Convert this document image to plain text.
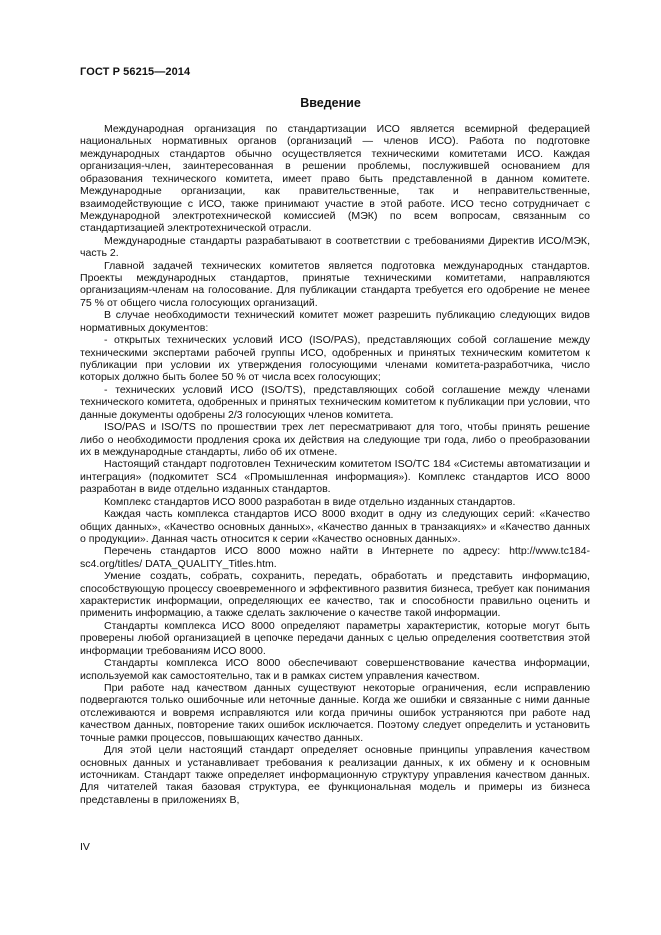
ГОСТ Р 56215—2014
Введение

Международная организация по стандартизации ИСО является всемирной федерацией национальных нормативных органов (организаций — членов ИСО). Работа по подготовке международных стандартов обычно осуществляется техническими комитетами ИСО. Каждая организация-член, заинтересованная в решении проблемы, послужившей основанием для образования технического комитета, имеет право быть представленной в данном комитете. Международные организации, как правительственные, так и неправительственные, взаимодействующие с ИСО, также принимают участие в этой работе. ИСО тесно сотрудничает с Международной электротехнической комиссией (МЭК) по всем вопросам, связанным со стандартизацией электротехнической отрасли.

Международные стандарты разрабатывают в соответствии с требованиями Директив ИСО/МЭК, часть 2.

Главной задачей технических комитетов является подготовка международных стандартов. Проекты международных стандартов, принятые техническими комитетами, направляются организациям-членам на голосование. Для публикации стандарта требуется его одобрение не менее 75 % от общего числа голосующих организаций.

В случае необходимости технический комитет может разрешить публикацию следующих видов нормативных документов:

- открытых технических условий ИСО (ISO/PAS), представляющих собой соглашение между техническими экспертами рабочей группы ИСО, одобренных и принятых техническим комитетом к публикации при условии их утверждения голосующими членами комитета-разработчика, число которых должно быть более 50 % от числа всех голосующих;

- технических условий ИСО (ISO/TS), представляющих собой соглашение между членами технического комитета, одобренных и принятых техническим комитетом к публикации при условии, что данные документы одобрены 2/3 голосующих членов комитета.

ISO/PAS и ISO/TS по прошествии трех лет пересматривают для того, чтобы принять решение либо о необходимости продления срока их действия на следующие три года, либо о преобразовании их в международные стандарты, либо об их отмене.

Настоящий стандарт подготовлен Техническим комитетом ISO/TC 184 «Системы автоматизации и интеграция» (подкомитет SC4 «Промышленная информация»). Комплекс стандартов ИСО 8000 разработан в виде отдельно изданных стандартов.

Комплекс стандартов ИСО 8000 разработан в виде отдельно изданных стандартов.

Каждая часть комплекса стандартов ИСО 8000 входит в одну из следующих серий: «Качество общих данных», «Качество основных данных», «Качество данных в транзакциях» и «Качество данных о продукции». Данная часть относится к серии «Качество основных данных».

Перечень стандартов ИСО 8000 можно найти в Интернете по адресу: http://www.tc184-sc4.org/titles/ DATA_QUALITY_Titles.htm.

Умение создать, собрать, сохранить, передать, обработать и представить информацию, способствующую процессу своевременного и эффективного развития бизнеса, требует как понимания характеристик информации, определяющих ее качество, так и способности правильно оценить и применить информацию, а также сделать заключение о качестве такой информации.

Стандарты комплекса ИСО 8000 определяют параметры характеристик, которые могут быть проверены любой организацией в цепочке передачи данных с целью определения соответствия этой информации требованиям ИСО 8000.

Стандарты комплекса ИСО 8000 обеспечивают совершенствование качества информации, используемой как самостоятельно, так и в рамках систем управления качеством.

При работе над качеством данных существуют некоторые ограничения, если исправлению подвергаются только ошибочные или неточные данные. Когда же ошибки и связанные с ними данные отслеживаются и вовремя исправляются или когда причины ошибок устраняются при работе над качеством данных, повторение таких ошибок исключается. Поэтому следует определить и установить точные рамки процессов, повышающих качество данных.

Для этой цели настоящий стандарт определяет основные принципы управления качеством основных данных и устанавливает требования к реализации данных, к их обмену и к основным источникам. Стандарт также определяет информационную структуру управления качеством данных. Для читателей такая базовая структура, ее функциональная модель и примеры из бизнеса представлены в приложениях В,

IV
